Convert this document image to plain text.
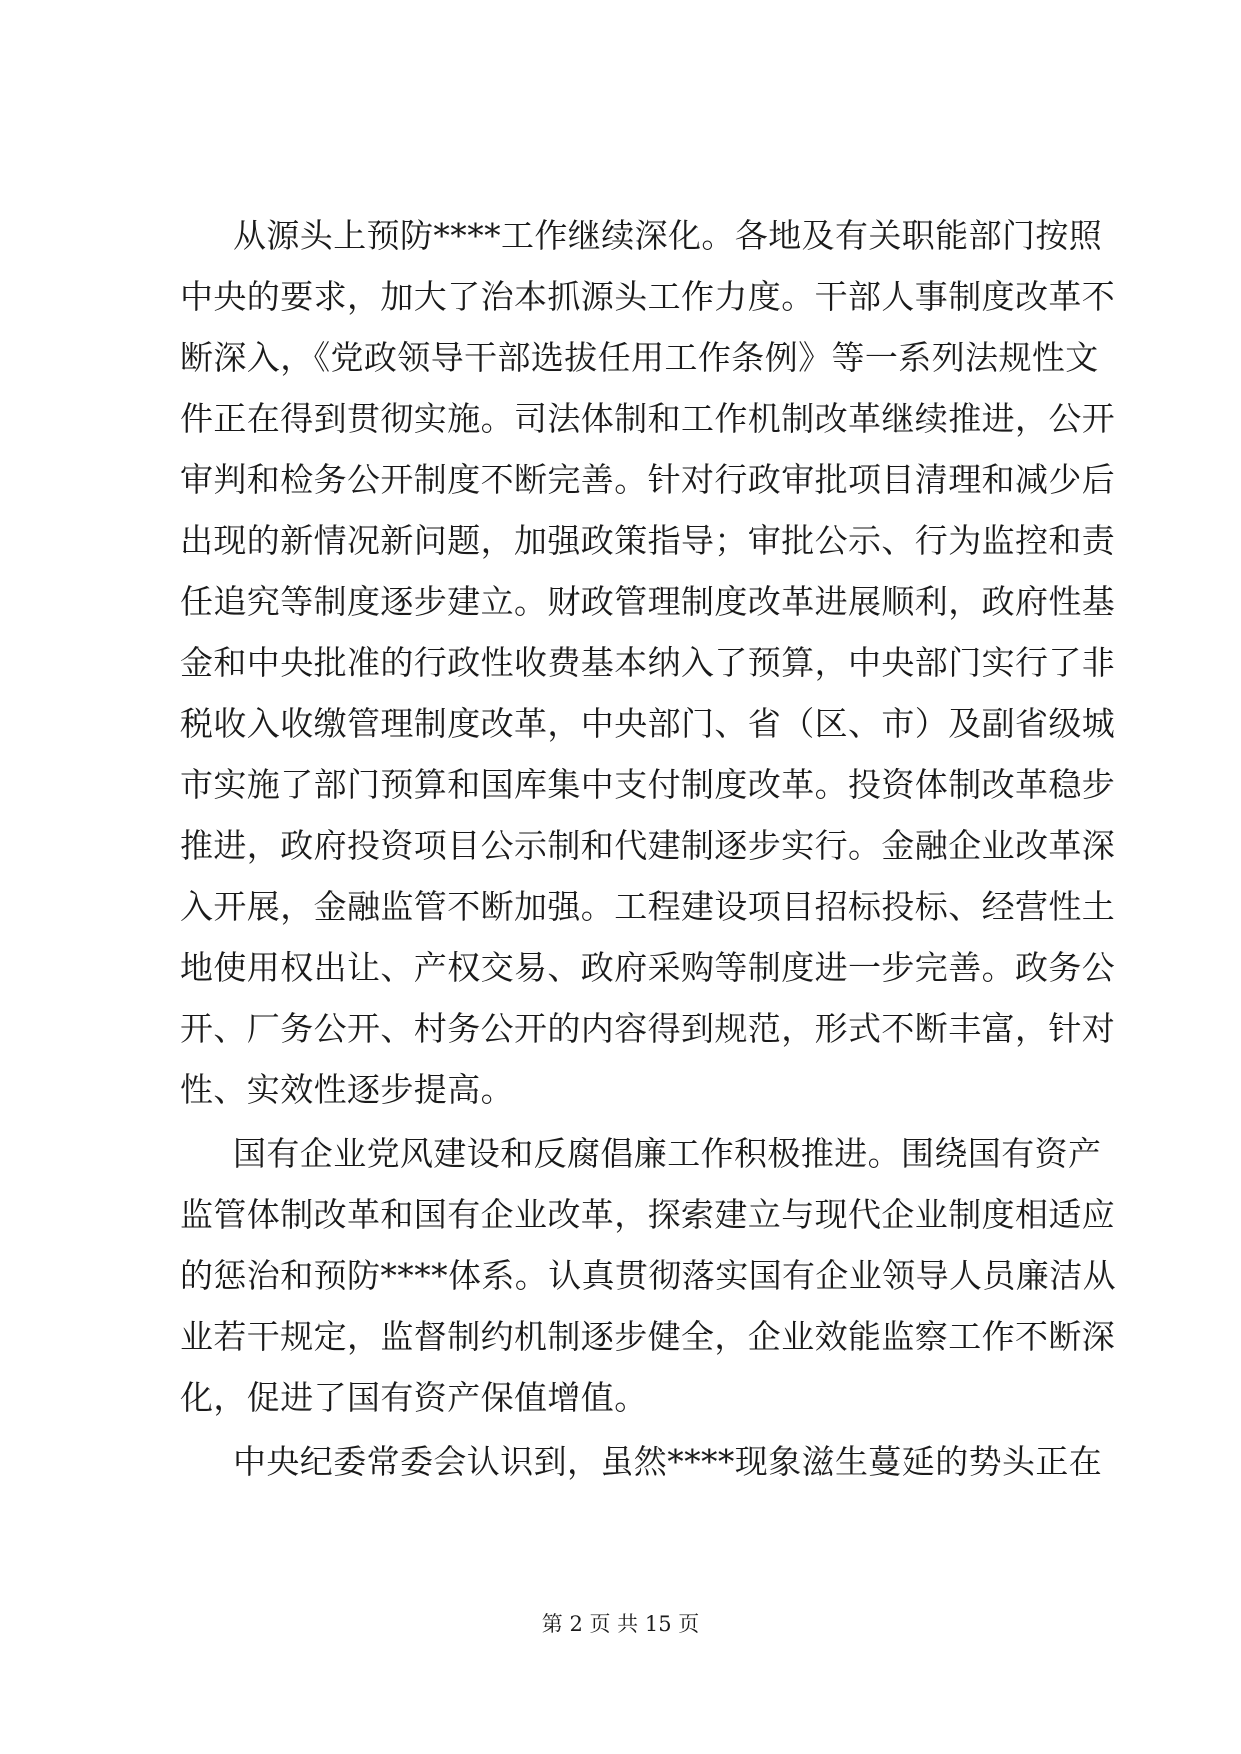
从源头上预防****工作继续深化。各地及有关职能部门按照
中央的要求，加大了治本抓源头工作力度。干部人事制度改革不
断深入，《党政领导干部选拔任用工作条例》等一系列法规性文
件正在得到贯彻实施。司法体制和工作机制改革继续推进，公开
审判和检务公开制度不断完善。针对行政审批项目清理和减少后
出现的新情况新问题，加强政策指导；审批公示、行为监控和责
任追究等制度逐步建立。财政管理制度改革进展顺利，政府性基
金和中央批准的行政性收费基本纳入了预算，中央部门实行了非
税收入收缴管理制度改革，中央部门、省（区、市）及副省级城
市实施了部门预算和国库集中支付制度改革。投资体制改革稳步
推进，政府投资项目公示制和代建制逐步实行。金融企业改革深
入开展，金融监管不断加强。工程建设项目招标投标、经营性土
地使用权出让、产权交易、政府采购等制度进一步完善。政务公
开、厂务公开、村务公开的内容得到规范，形式不断丰富，针对
性、实效性逐步提高。
国有企业党风建设和反腐倡廉工作积极推进。围绕国有资产
监管体制改革和国有企业改革，探索建立与现代企业制度相适应
的惩治和预防****体系。认真贯彻落实国有企业领导人员廉洁从
业若干规定，监督制约机制逐步健全，企业效能监察工作不断深
化，促进了国有资产保值增值。
中央纪委常委会认识到，虽然****现象滋生蔓延的势头正在
第 2 页 共 15 页
